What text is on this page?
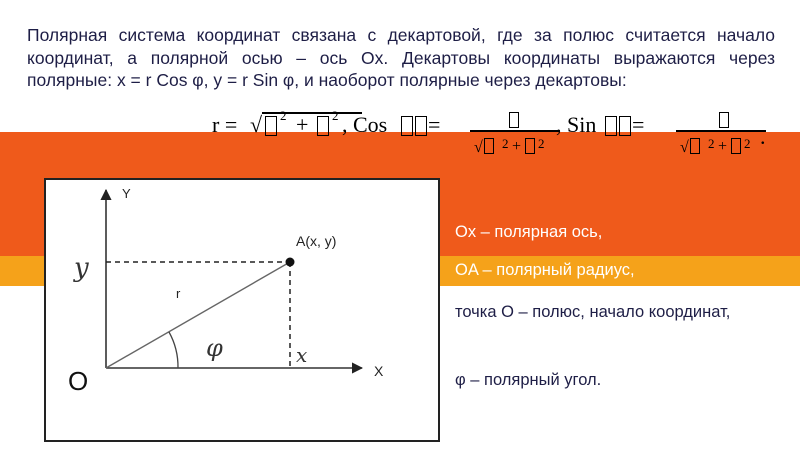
Полярная система координат связана с декартовой, где за полюс считается начало координат, а полярной осью – ось Ox. Декартовы координаты выражаются через полярные: x = r Cos φ, y = r Sin φ, и наоборот полярные через декартовы:

r = √ 2 + 2 , Cos =
√	2 + 2
, Sin =
√	2 + 2 .
Y
X
O
A(x, y)
r
y
x
φ
Ox – полярная ось,
OA – полярный радиус,
точка O – полюс, начало координат,
φ – полярный угол.
